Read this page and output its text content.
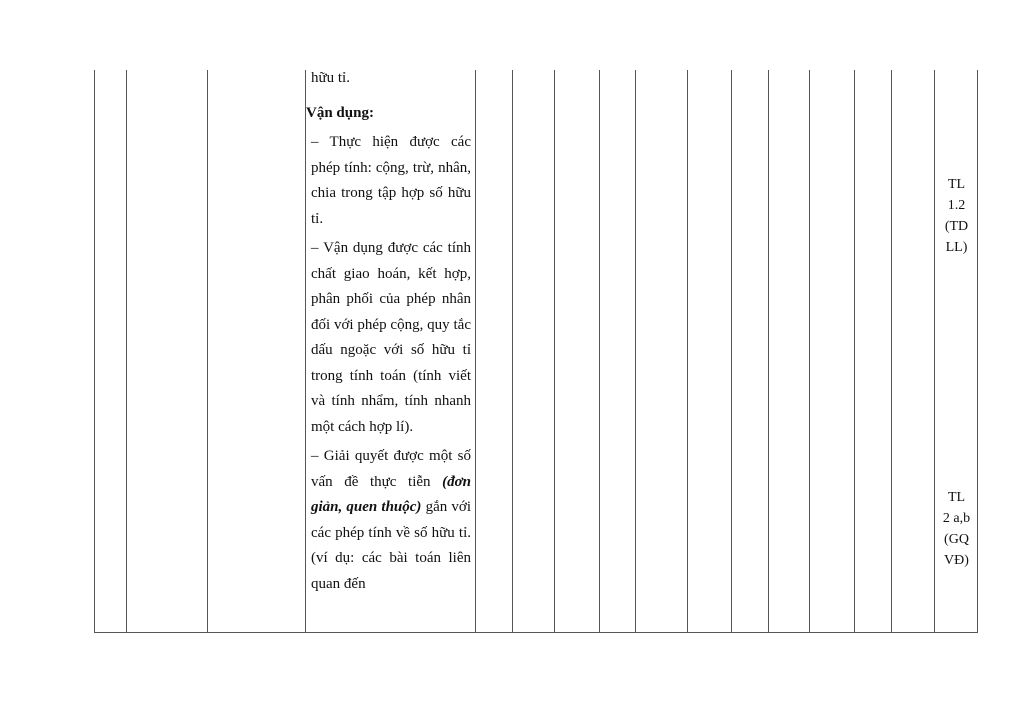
hữu tỉ.

Vận dụng:

– Thực hiện được các phép tính: cộng, trừ, nhân, chia trong tập hợp số hữu tỉ.

– Vận dụng được các tính chất giao hoán, kết hợp, phân phối của phép nhân đối với phép cộng, quy tắc dấu ngoặc với số hữu tỉ trong tính toán (tính viết và tính nhẩm, tính nhanh một cách hợp lí).

– Giải quyết được một số vấn đề thực tiễn (đơn giản, quen thuộc) gắn với các phép tính về số hữu tỉ. (ví dụ: các bài toán liên quan đến

TL
1.2
(TD
LL)
TL
2 a,b
(GQ
VĐ)
